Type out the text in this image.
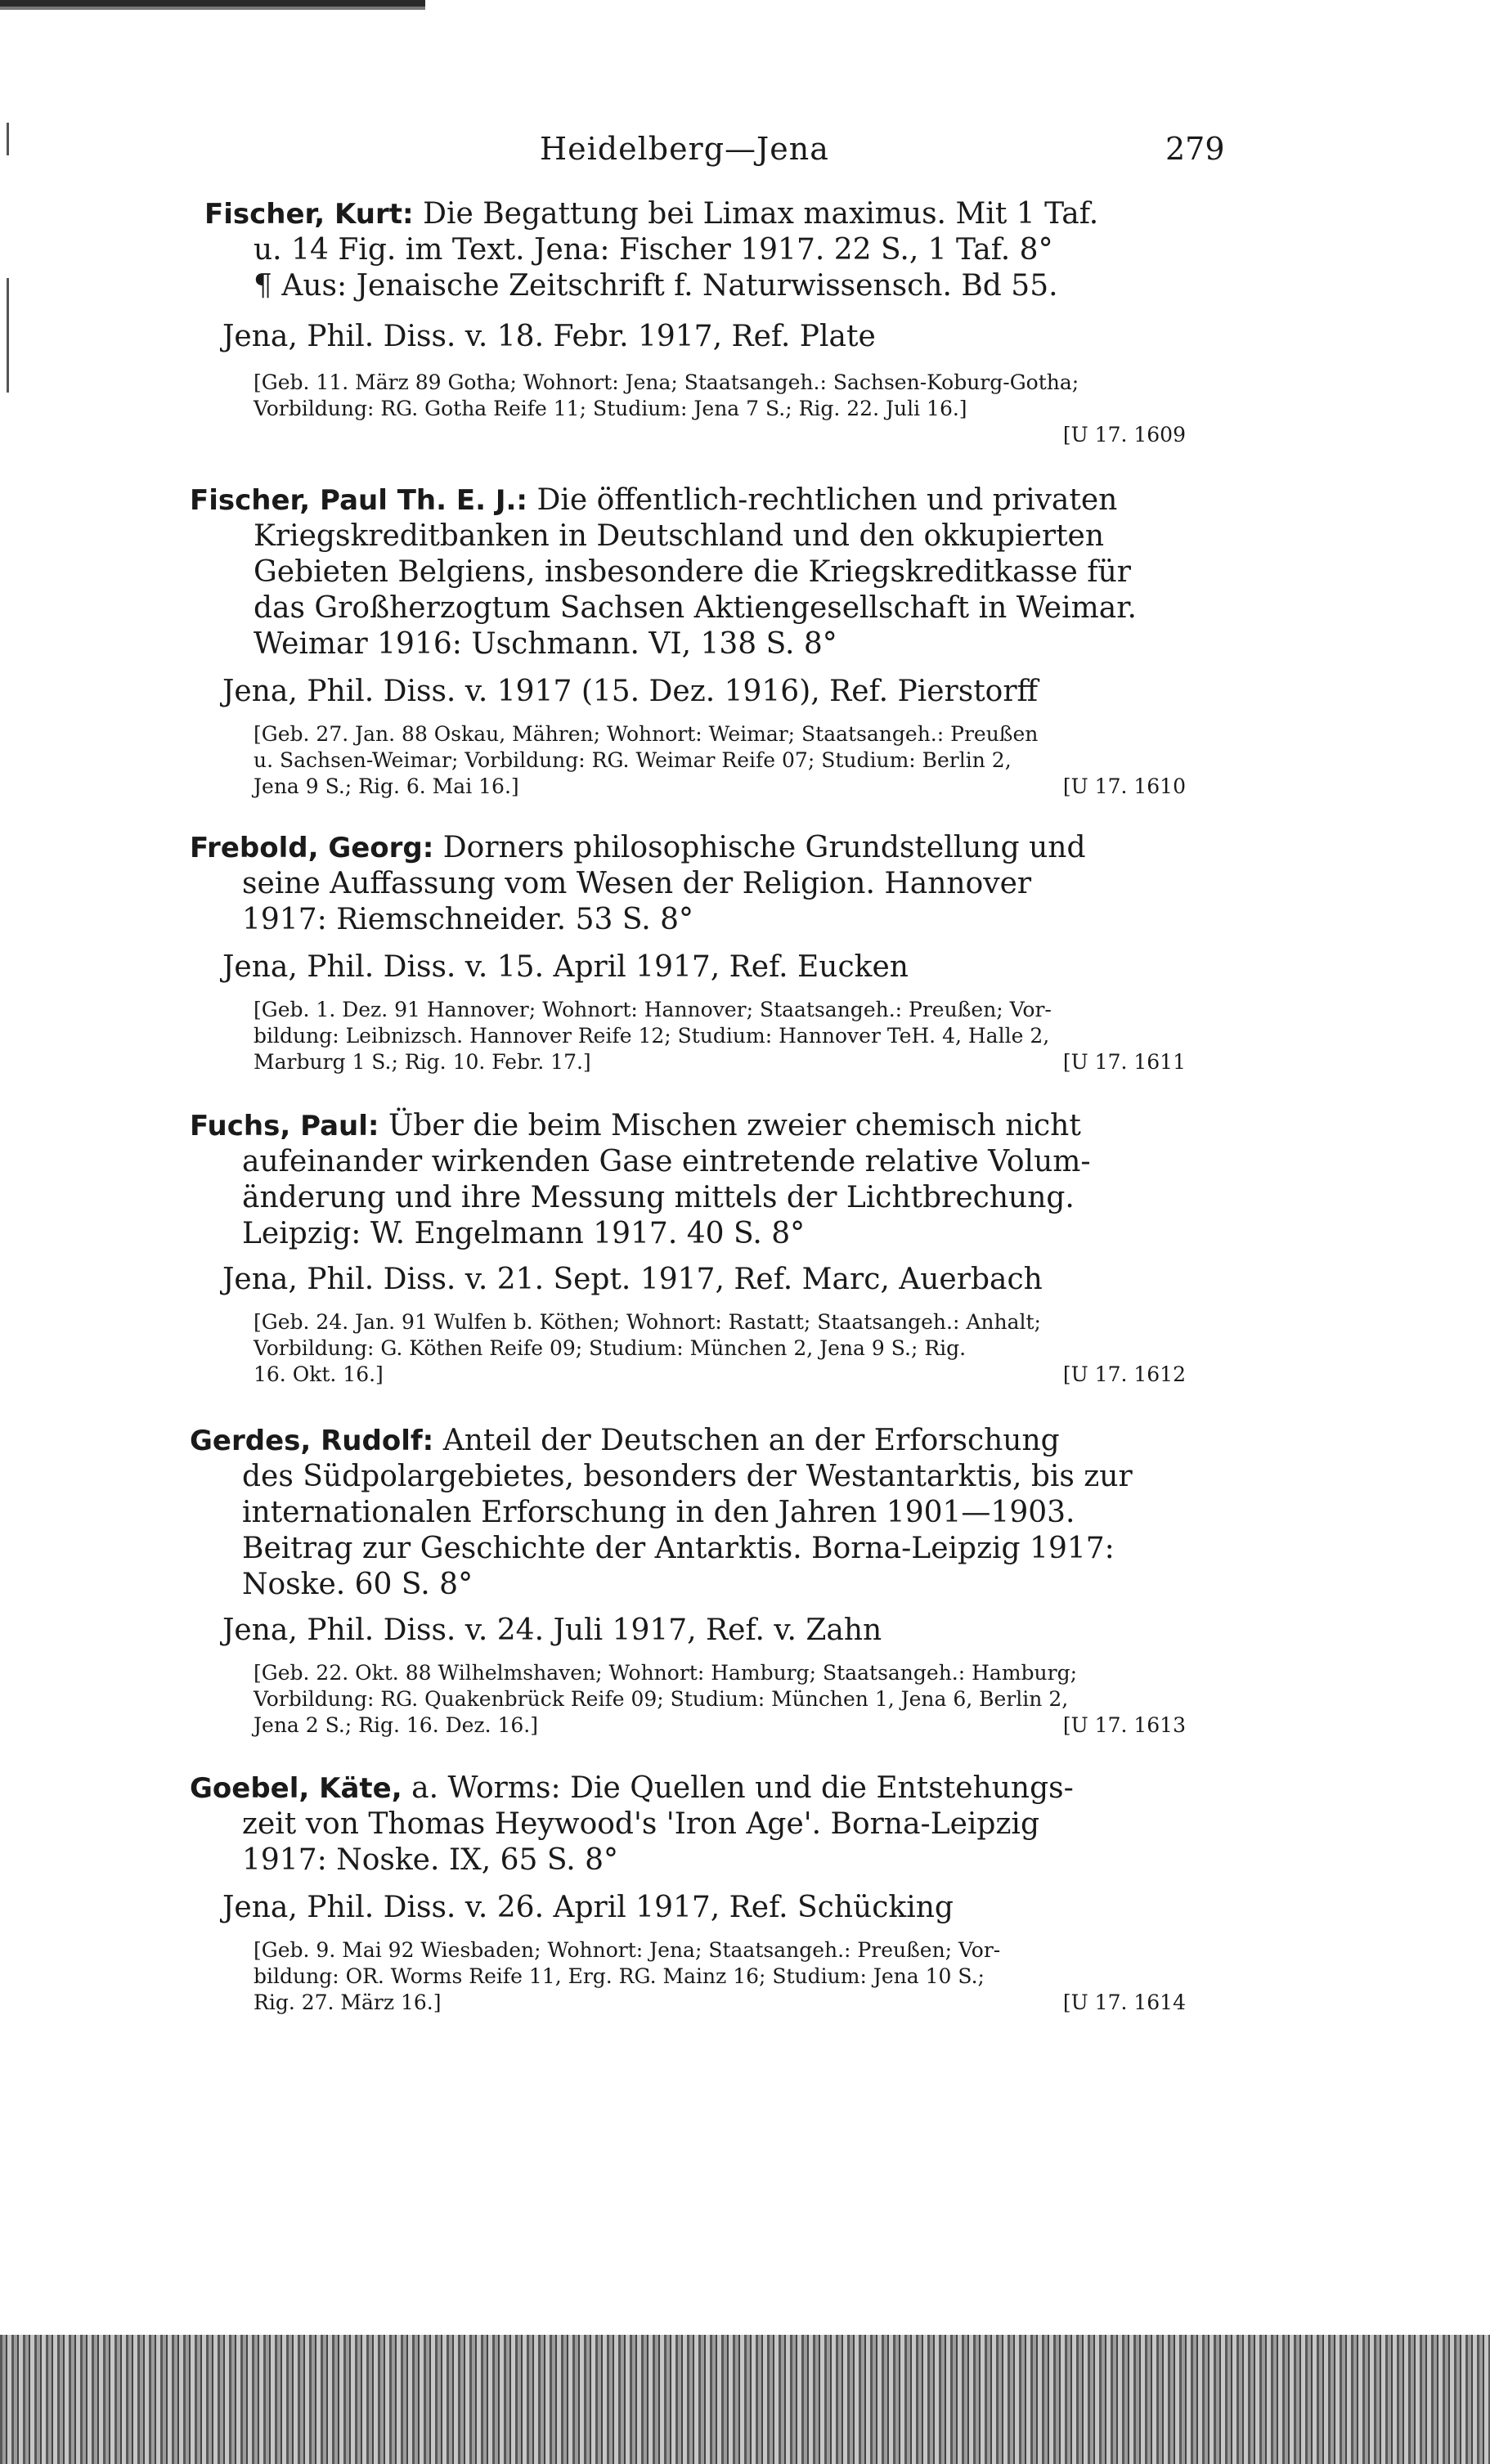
Heidelberg—Jena	279
Fischer, Kurt: Die Begattung bei Limax maximus. Mit 1 Taf.
u. 14 Fig. im Text. Jena: Fischer 1917. 22 S., 1 Taf. 8°
¶ Aus: Jenaische Zeitschrift f. Naturwissensch. Bd 55.
Jena, Phil. Diss. v. 18. Febr. 1917, Ref. Plate
[Geb. 11. März 89 Gotha; Wohnort: Jena; Staatsangeh.: Sachsen-Koburg-Gotha;
Vorbildung: RG. Gotha Reife 11; Studium: Jena 7 S.; Rig. 22. Juli 16.]
[U 17. 1609
Fischer, Paul Th. E. J.: Die öffentlich-rechtlichen und privaten
Kriegskreditbanken in Deutschland und den okkupierten
Gebieten Belgiens, insbesondere die Kriegskreditkasse für
das Großherzogtum Sachsen Aktiengesellschaft in Weimar.
Weimar 1916: Uschmann. VI, 138 S. 8°
Jena, Phil. Diss. v. 1917 (15. Dez. 1916), Ref. Pierstorff
[Geb. 27. Jan. 88 Oskau, Mähren; Wohnort: Weimar; Staatsangeh.: Preußen
u. Sachsen-Weimar; Vorbildung: RG. Weimar Reife 07; Studium: Berlin 2,
Jena 9 S.; Rig. 6. Mai 16.]	[U 17. 1610
Frebold, Georg: Dorners philosophische Grundstellung und
seine Auffassung vom Wesen der Religion. Hannover
1917: Riemschneider. 53 S. 8°
Jena, Phil. Diss. v. 15. April 1917, Ref. Eucken
[Geb. 1. Dez. 91 Hannover; Wohnort: Hannover; Staatsangeh.: Preußen; Vor-
bildung: Leibnizsch. Hannover Reife 12; Studium: Hannover TeH. 4, Halle 2,
Marburg 1 S.; Rig. 10. Febr. 17.]	[U 17. 1611
Fuchs, Paul: Über die beim Mischen zweier chemisch nicht
aufeinander wirkenden Gase eintretende relative Volum-
änderung und ihre Messung mittels der Lichtbrechung.
Leipzig: W. Engelmann 1917. 40 S. 8°
Jena, Phil. Diss. v. 21. Sept. 1917, Ref. Marc, Auerbach
[Geb. 24. Jan. 91 Wulfen b. Köthen; Wohnort: Rastatt; Staatsangeh.: Anhalt;
Vorbildung: G. Köthen Reife 09; Studium: München 2, Jena 9 S.; Rig.
16. Okt. 16.]	[U 17. 1612
Gerdes, Rudolf: Anteil der Deutschen an der Erforschung
des Südpolargebietes, besonders der Westantarktis, bis zur
internationalen Erforschung in den Jahren 1901—1903.
Beitrag zur Geschichte der Antarktis. Borna-Leipzig 1917:
Noske. 60 S. 8°
Jena, Phil. Diss. v. 24. Juli 1917, Ref. v. Zahn
[Geb. 22. Okt. 88 Wilhelmshaven; Wohnort: Hamburg; Staatsangeh.: Hamburg;
Vorbildung: RG. Quakenbrück Reife 09; Studium: München 1, Jena 6, Berlin 2,
Jena 2 S.; Rig. 16. Dez. 16.]	[U 17. 1613
Goebel, Käte, a. Worms: Die Quellen und die Entstehungs-
zeit von Thomas Heywood's 'Iron Age'. Borna-Leipzig
1917: Noske. IX, 65 S. 8°
Jena, Phil. Diss. v. 26. April 1917, Ref. Schücking
[Geb. 9. Mai 92 Wiesbaden; Wohnort: Jena; Staatsangeh.: Preußen; Vor-
bildung: OR. Worms Reife 11, Erg. RG. Mainz 16; Studium: Jena 10 S.;
Rig. 27. März 16.]	[U 17. 1614
